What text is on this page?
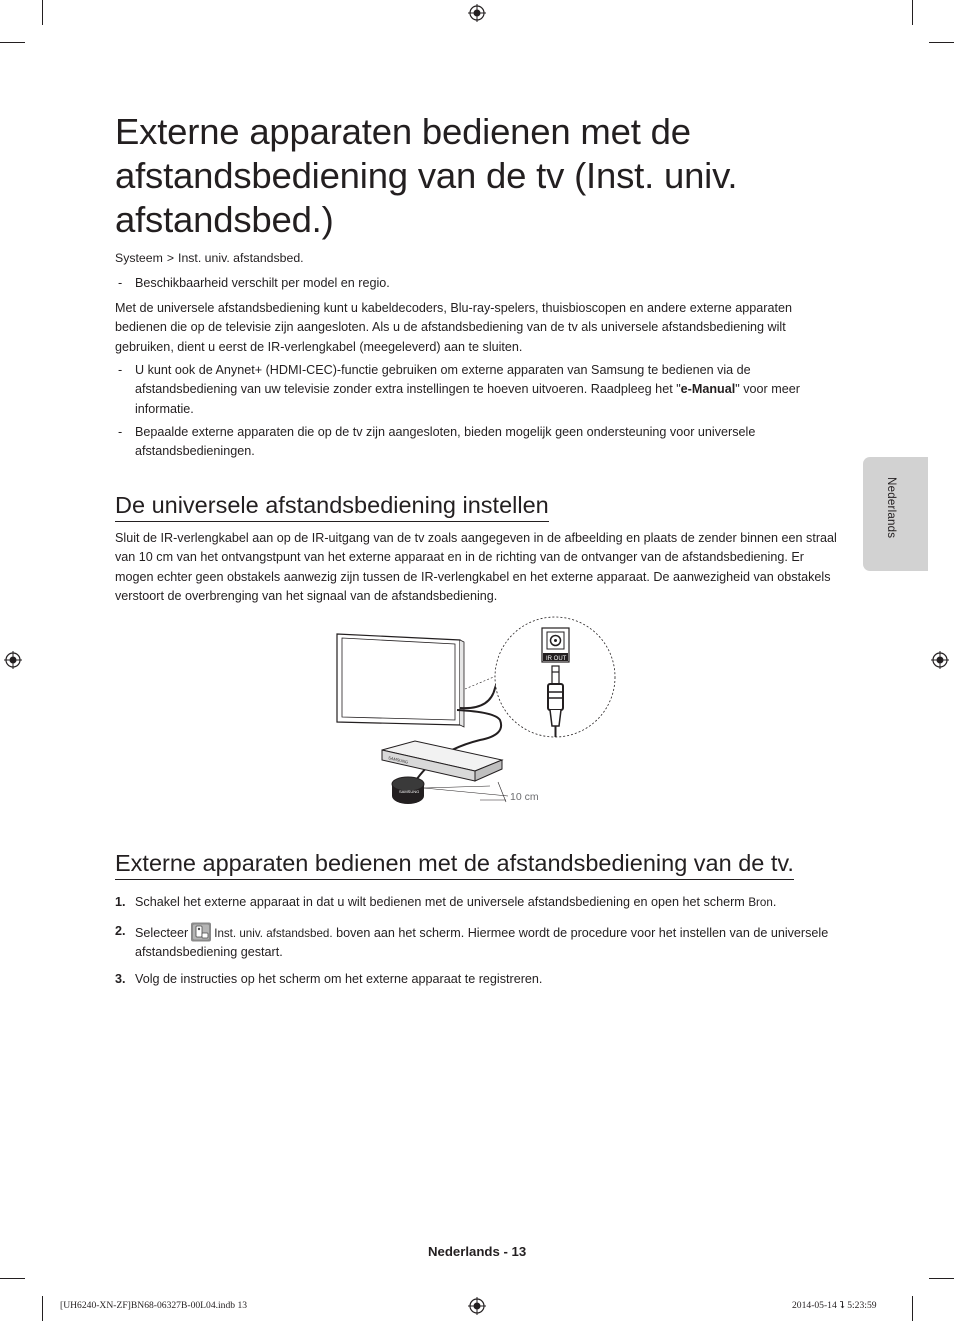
Externe apparaten bedienen met de afstandsbediening van de tv (Inst. univ. afstandsbed.)
Systeem > Inst. univ. afstandsbed.
- Beschikbaarheid verschilt per model en regio.
Met de universele afstandsbediening kunt u kabeldecoders, Blu-ray-spelers, thuisbioscopen en andere externe apparaten bedienen die op de televisie zijn aangesloten. Als u de afstandsbediening van de tv als universele afstandsbediening wilt gebruiken, dient u eerst de IR-verlengkabel (meegeleverd) aan te sluiten.
- U kunt ook de Anynet+ (HDMI-CEC)-functie gebruiken om externe apparaten van Samsung te bedienen via de afstandsbediening van uw televisie zonder extra instellingen te hoeven uitvoeren. Raadpleeg het "e-Manual" voor meer informatie.
- Bepaalde externe apparaten die op de tv zijn aangesloten, bieden mogelijk geen ondersteuning voor universele afstandsbedieningen.
De universele afstandsbediening instellen
Sluit de IR-verlengkabel aan op de IR-uitgang van de tv zoals aangegeven in de afbeelding en plaats de zender binnen een straal van 10 cm van het ontvangstpunt van het externe apparaat en in de richting van de ontvanger van de afstandsbediening. Er mogen echter geen obstakels aanwezig zijn tussen de IR-verlengkabel en het externe apparaat. De aanwezigheid van obstakels verstoort de overbrenging van het signaal van de afstandsbediening.
SAMSUNG
SAMSUNG	10 cm
IR OUT
Externe apparaten bedienen met de afstandsbediening van de tv.
1. Schakel het externe apparaat in dat u wilt bedienen met de universele afstandsbediening en open het scherm Bron.
2. Selecteer Inst. univ. afstandsbed. boven aan het scherm. Hiermee wordt de procedure voor het instellen van de universele afstandsbediening gestart.
3. Volg de instructies op het scherm om het externe apparaat te registreren.
Nederlands
Nederlands - 13
[UH6240-XN-ZF]BN68-06327B-00L04.indb 13	2014-05-14 ⮧ 5:23:59
